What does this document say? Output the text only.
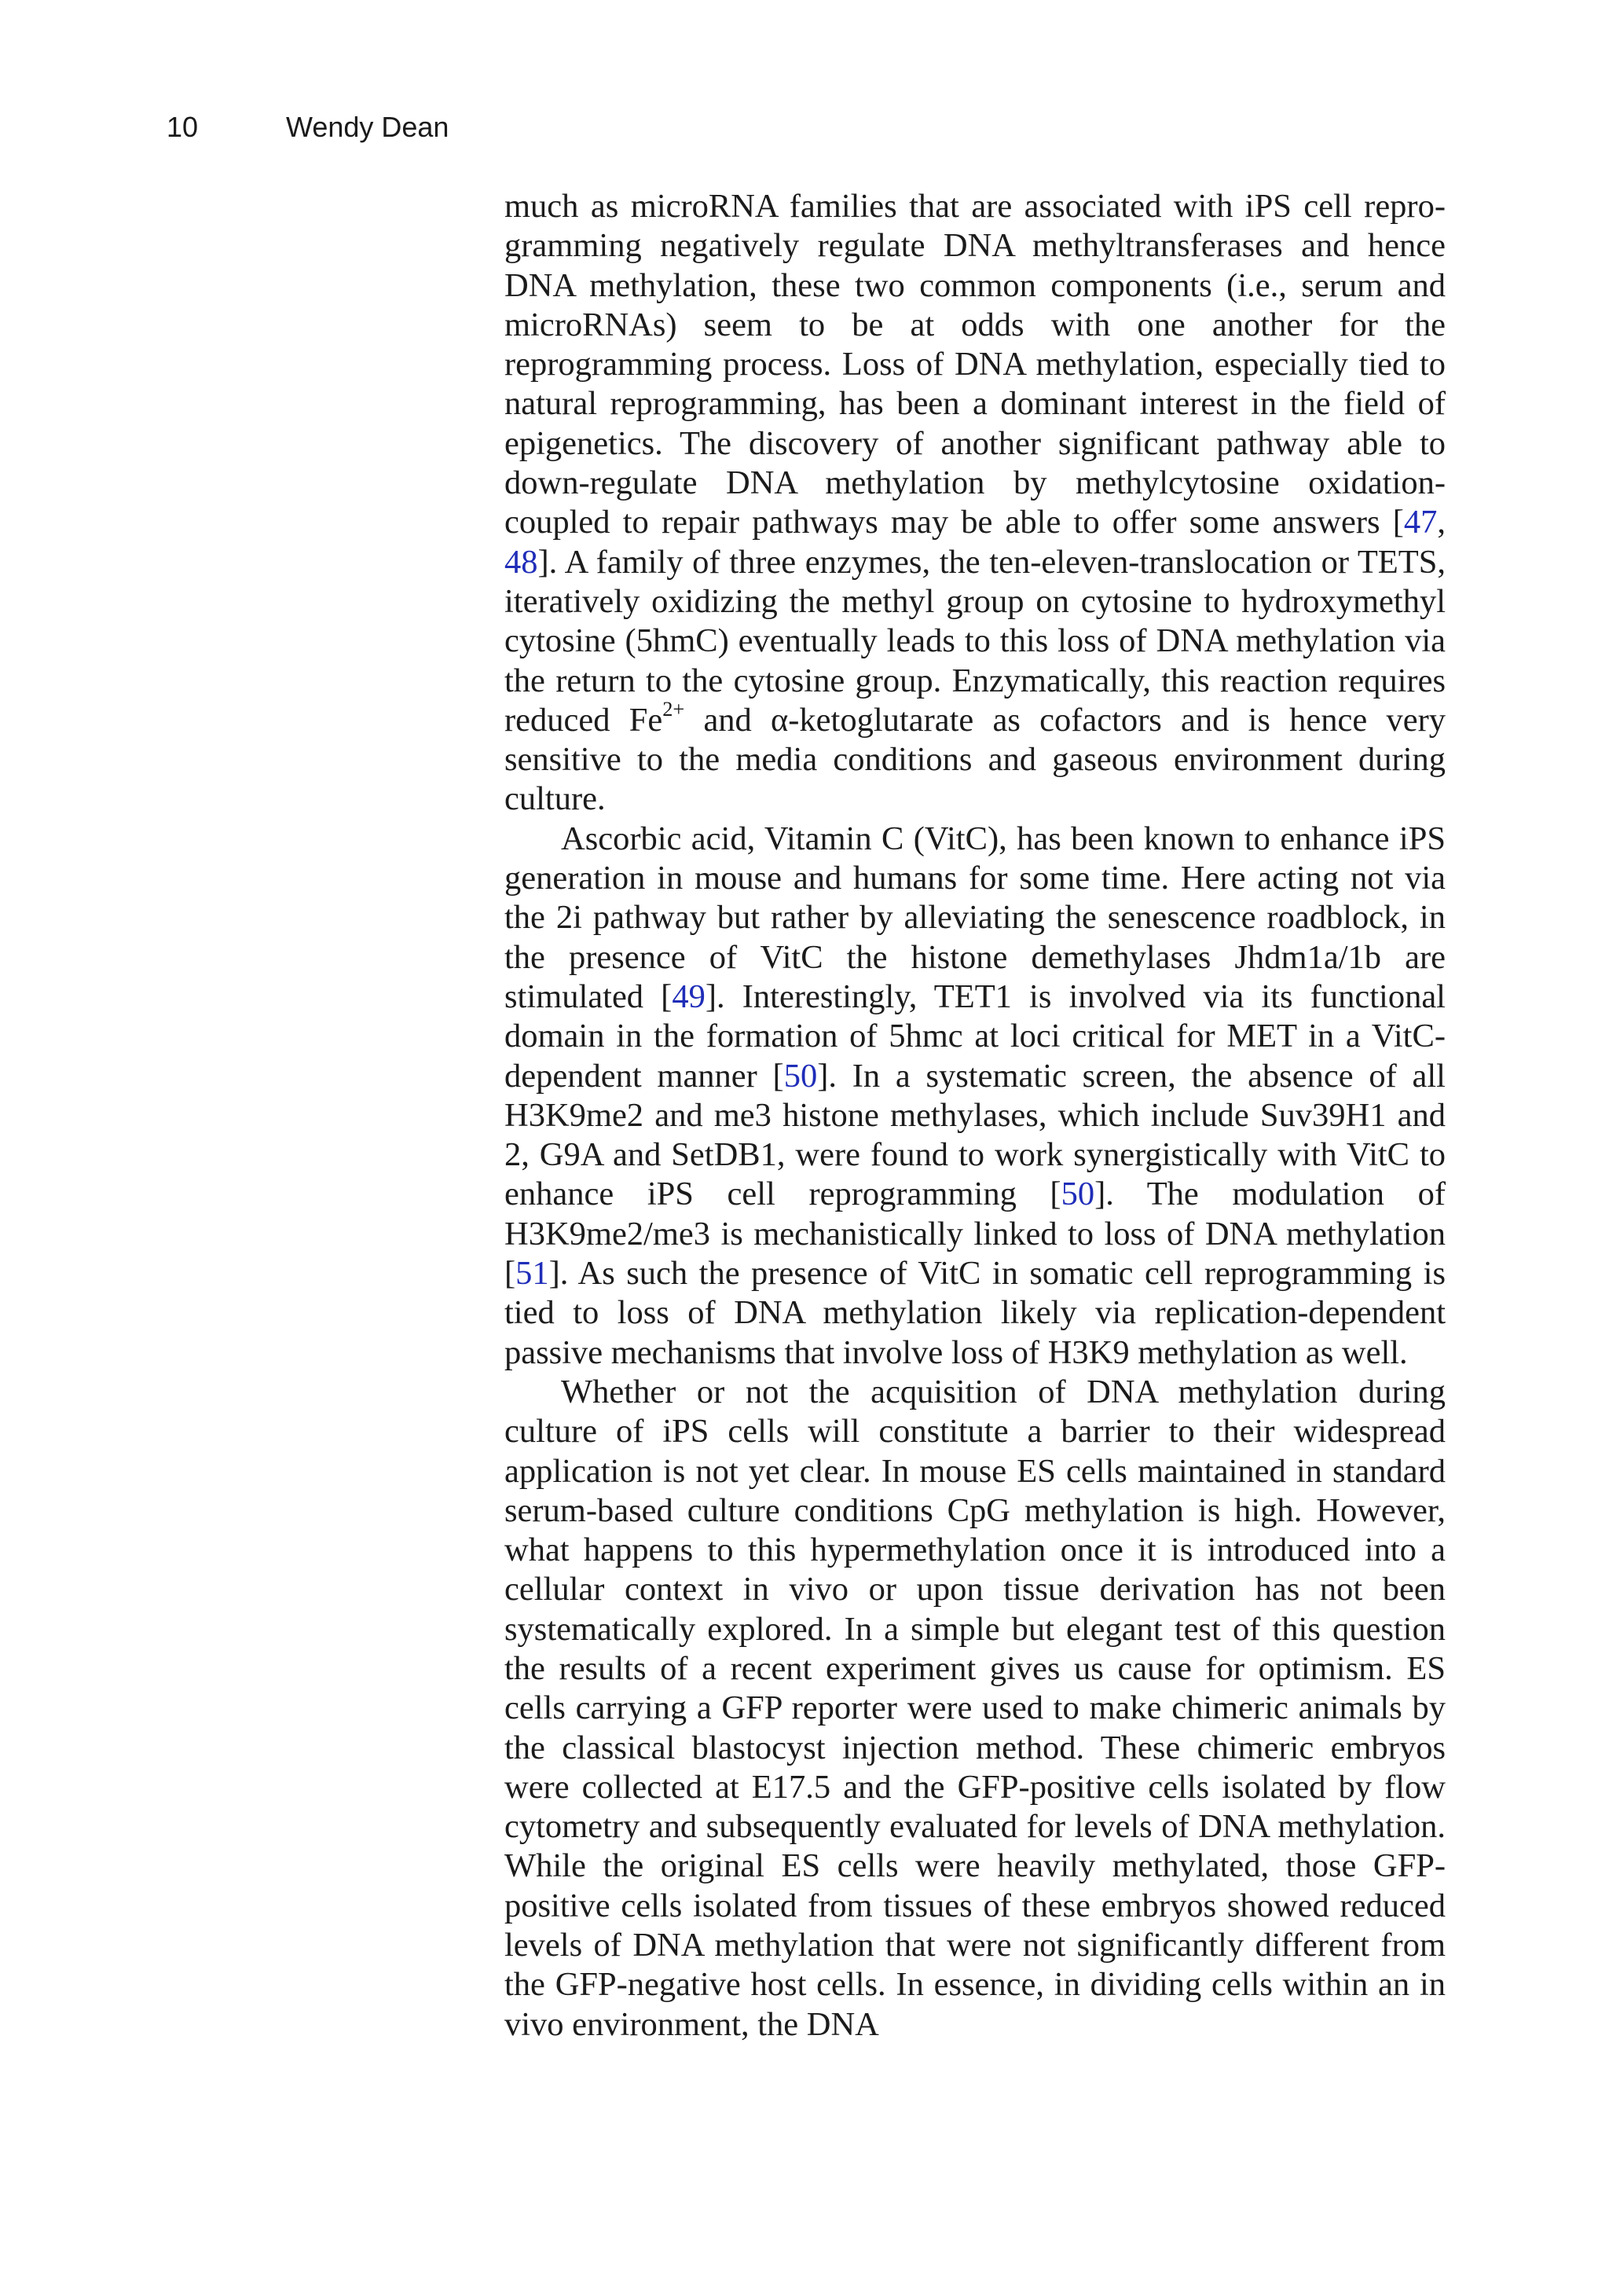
10	Wendy Dean

much as microRNA families that are associated with iPS cell reprogramming negatively regulate DNA methyltransferases and hence DNA methylation, these two common components (i.e., serum and microRNAs) seem to be at odds with one another for the reprogramming process. Loss of DNA methylation, especially tied to natural reprogramming, has been a dominant interest in the field of epigenetics. The discovery of another significant pathway able to down-regulate DNA methylation by methylcytosine oxidation-coupled to repair pathways may be able to offer some answers [47, 48]. A family of three enzymes, the ten-eleven-translocation or TETS, iteratively oxidizing the methyl group on cytosine to hydroxymethyl cytosine (5hmC) eventually leads to this loss of DNA methylation via the return to the cytosine group. Enzymatically, this reaction requires reduced $Fe^{2+}$ and α-ketoglutarate as cofactors and is hence very sensitive to the media conditions and gaseous environment during culture.

Ascorbic acid, Vitamin C (VitC), has been known to enhance iPS generation in mouse and humans for some time. Here acting not via the 2i pathway but rather by alleviating the senescence roadblock, in the presence of VitC the histone demethylases Jhdm1a/1b are stimulated [49]. Interestingly, TET1 is involved via its functional domain in the formation of 5hmc at loci critical for MET in a VitC-dependent manner [50]. In a systematic screen, the absence of all H3K9me2 and me3 histone methylases, which include Suv39H1 and 2, G9A and SetDB1, were found to work synergistically with VitC to enhance iPS cell reprogramming [50]. The modulation of H3K9me2/me3 is mechanistically linked to loss of DNA methylation [51]. As such the presence of VitC in somatic cell reprogramming is tied to loss of DNA methylation likely via replication-dependent passive mechanisms that involve loss of H3K9 methylation as well.

Whether or not the acquisition of DNA methylation during culture of iPS cells will constitute a barrier to their widespread application is not yet clear. In mouse ES cells maintained in standard serum-based culture conditions CpG methylation is high. However, what happens to this hypermethylation once it is introduced into a cellular context in vivo or upon tissue derivation has not been systematically explored. In a simple but elegant test of this question the results of a recent experiment gives us cause for optimism. ES cells carrying a GFP reporter were used to make chimeric animals by the classical blastocyst injection method. These chimeric embryos were collected at E17.5 and the GFP-positive cells isolated by flow cytometry and subsequently evaluated for levels of DNA methylation. While the original ES cells were heavily methylated, those GFP-positive cells isolated from tissues of these embryos showed reduced levels of DNA methylation that were not significantly different from the GFP-negative host cells. In essence, in dividing cells within an in vivo environment, the DNA
